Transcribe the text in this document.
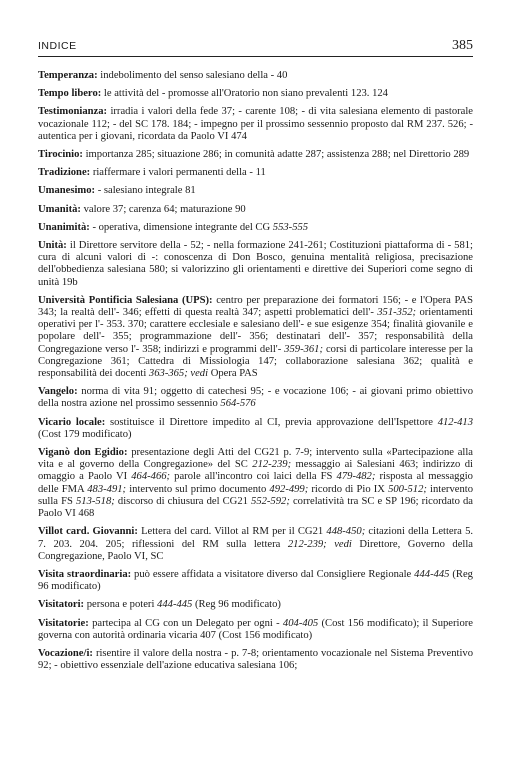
INDICE	385
Temperanza: indebolimento del senso salesiano della - 40
Tempo libero: le attività del - promosse all'Oratorio non siano prevalenti 123. 124
Testimonianza: irradia i valori della fede 37; - carente 108; - di vita salesiana elemento di pastorale vocazionale 112; - del SC 178. 184; - impegno per il prossimo sessennio proposto dal RM 237. 526; - autentica per i giovani, ricordata da Paolo VI 474
Tirocinio: importanza 285; situazione 286; in comunità adatte 287; assistenza 288; nel Direttorio 289
Tradizione: riaffermare i valori permanenti della - 11
Umanesimo: - salesiano integrale 81
Umanità: valore 37; carenza 64; maturazione 90
Unanimità: - operativa, dimensione integrante del CG 553-555
Unità: il Direttore servitore della - 52; - nella formazione 241-261; Costituzioni piattaforma di - 581; cura di alcuni valori di -: conoscenza di Don Bosco, genuina mentalità religiosa, precisazione dell'obbedienza salesiana 580; si valorizzino gli orientamenti e direttive dei Superiori come segno di unità 19b
Università Pontificia Salesiana (UPS): centro per preparazione dei formatori 156; - e l'Opera PAS 343; la realtà dell'- 346; effetti di questa realtà 347; aspetti problematici dell'- 351-352; orientamenti operativi per l'- 353. 370; carattere ecclesiale e salesiano dell'- e sue esigenze 354; finalità giovanile e popolare dell'- 355; programmazione dell'- 356; destinatari dell'- 357; responsabilità della Congregazione verso l'- 358; indirizzi e programmi dell'- 359-361; corsi di particolare interesse per la Congregazione 361; Cattedra di Missiologia 147; collaborazione salesiana 362; qualità e responsabilità dei docenti 363-365; vedi Opera PAS
Vangelo: norma di vita 91; oggetto di catechesi 95; - e vocazione 106; - ai giovani primo obiettivo della nostra azione nel prossimo sessennio 564-576
Vicario locale: sostituisce il Direttore impedito al CI, previa approvazione dell'Ispettore 412-413 (Cost 179 modificato)
Viganò don Egidio: presentazione degli Atti del CG21 p. 7-9; intervento sulla «Partecipazione alla vita e al governo della Congregazione» del SC 212-239; messaggio ai Salesiani 463; indirizzo di omaggio a Paolo VI 464-466; parole all'incontro coi laici della FS 479-482; risposta al messaggio delle FMA 483-491; intervento sul primo documento 492-499; ricordo di Pio IX 500-512; intervento sulla FS 513-518; discorso di chiusura del CG21 552-592; correlatività tra SC e SP 196; ricordato da Paolo VI 468
Villot card. Giovanni: Lettera del card. Villot al RM per il CG21 448-450; citazioni della Lettera 5. 7. 203. 204. 205; riflessioni del RM sulla lettera 212-239; vedi Direttore, Governo della Congregazione, Paolo VI, SC
Visita straordinaria: può essere affidata a visitatore diverso dal Consigliere Regionale 444-445 (Reg 96 modificato)
Visitatori: persona e poteri 444-445 (Reg 96 modificato)
Visitatorie: partecipa al CG con un Delegato per ogni - 404-405 (Cost 156 modificato); il Superiore governa con autorità ordinaria vicaria 407 (Cost 156 modificato)
Vocazione/i: risentire il valore della nostra - p. 7-8; orientamento vocazionale nel Sistema Preventivo 92; - obiettivo essenziale dell'azione educativa salesiana 106;
